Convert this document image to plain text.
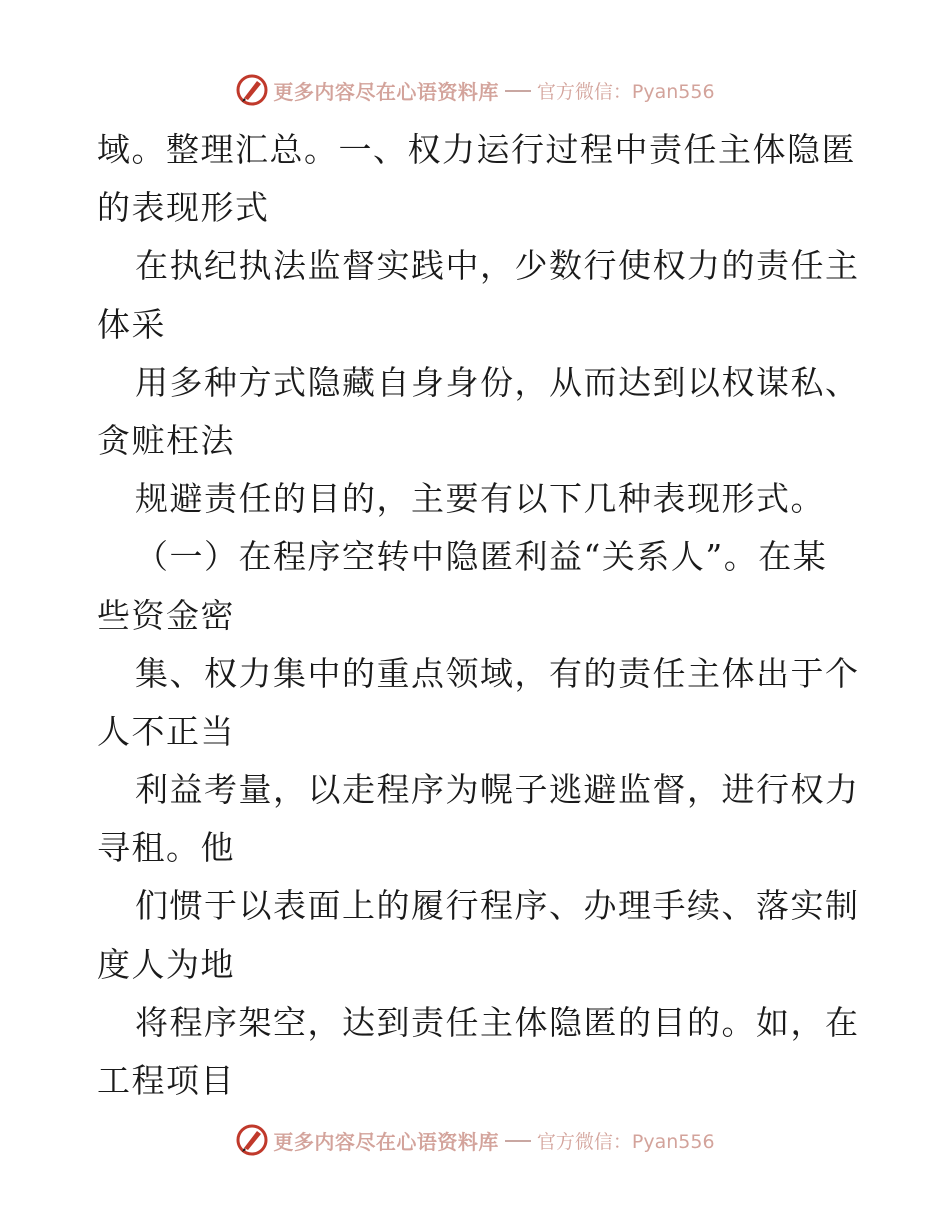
更多内容尽在心语资料库 官方微信：Pyan556
域。整理汇总。一、权力运行过程中责任主体隐匿
的表现形式
在执纪执法监督实践中，少数行使权力的责任主
体采
用多种方式隐藏自身身份，从而达到以权谋私、
贪赃枉法
规避责任的目的，主要有以下几种表现形式。
（一）在程序空转中隐匿利益“关系人”。在某
些资金密
集、权力集中的重点领域，有的责任主体出于个
人不正当
利益考量，以走程序为幌子逃避监督，进行权力
寻租。他
们惯于以表面上的履行程序、办理手续、落实制
度人为地
将程序架空，达到责任主体隐匿的目的。如，在
工程项目
更多内容尽在心语资料库 官方微信：Pyan556
